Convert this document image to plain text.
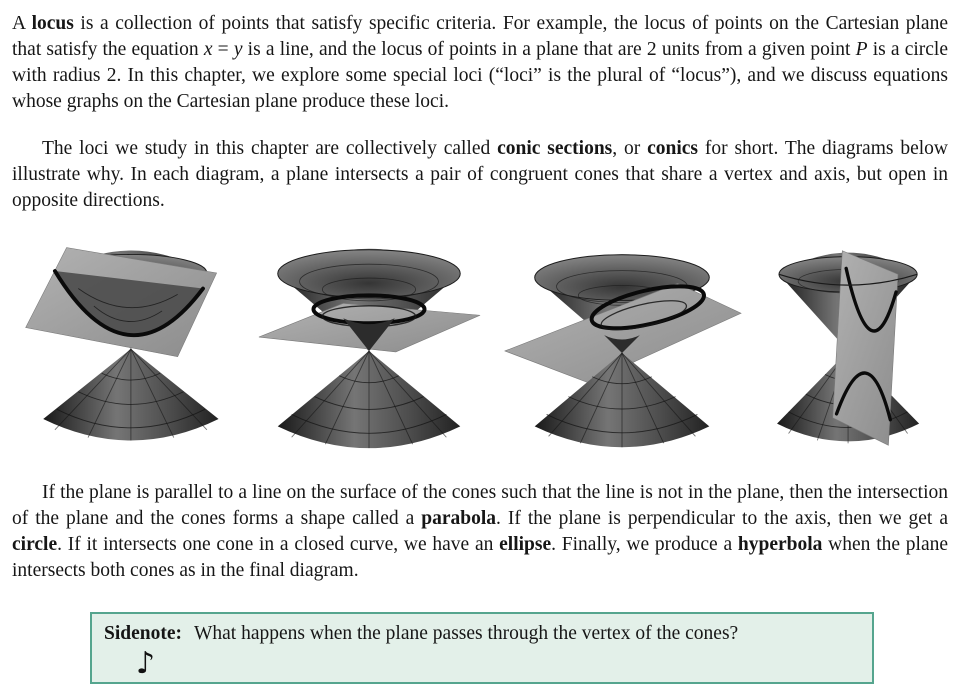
A locus is a collection of points that satisfy specific criteria. For example, the locus of points on the Cartesian plane that satisfy the equation x = y is a line, and the locus of points in a plane that are 2 units from a given point P is a circle with radius 2. In this chapter, we explore some special loci (“loci” is the plural of “locus”), and we discuss equations whose graphs on the Cartesian plane produce these loci.

The loci we study in this chapter are collectively called conic sections, or conics for short. The diagrams below illustrate why. In each diagram, a plane intersects a pair of congruent cones that share a vertex and axis, but open in opposite directions.

If the plane is parallel to a line on the surface of the cones such that the line is not in the plane, then the intersection of the plane and the cones forms a shape called a parabola. If the plane is perpendicular to the axis, then we get a circle. If it intersects one cone in a closed curve, we have an ellipse. Finally, we produce a hyperbola when the plane intersects both cones as in the final diagram.

Sidenote: What happens when the plane passes through the vertex of the cones?
♪
